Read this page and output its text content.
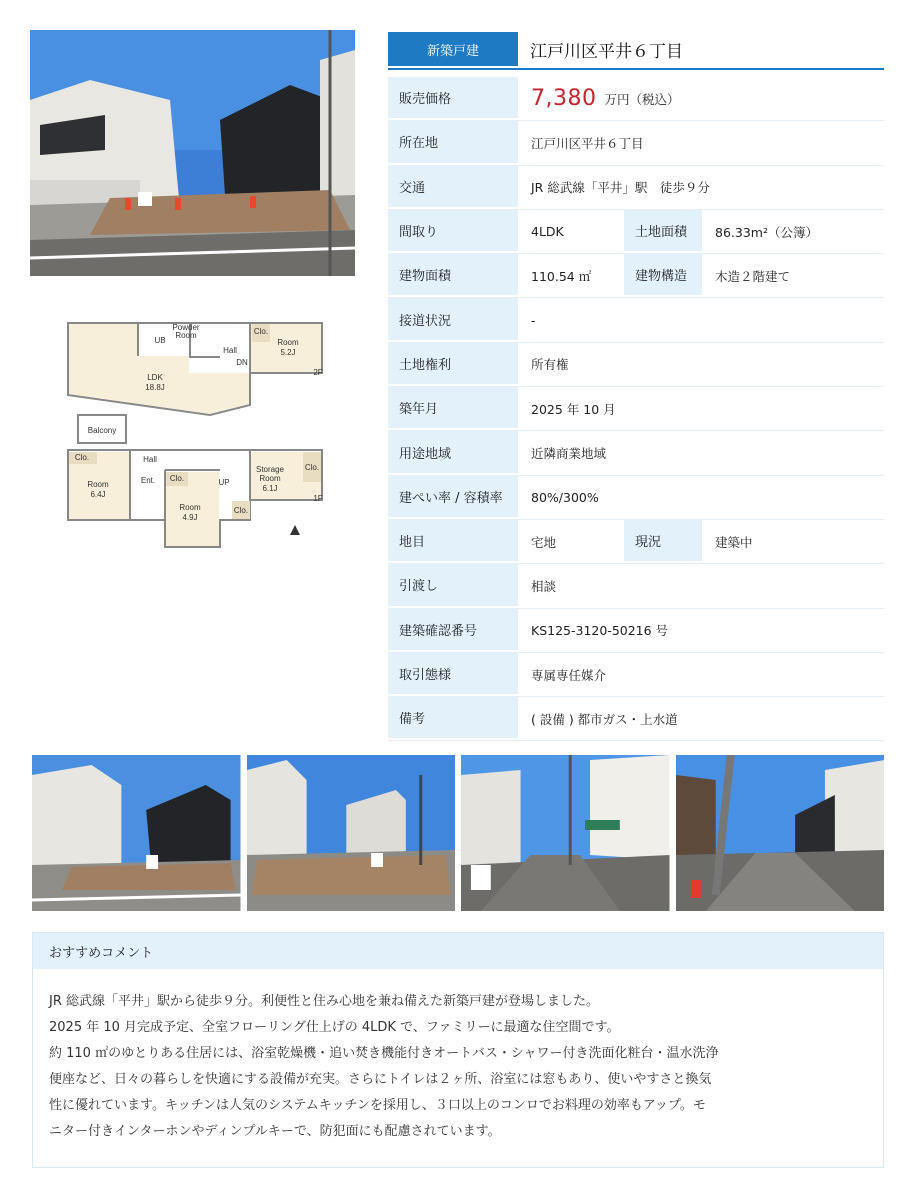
UB
Powder
Room	Clo.
Room
5.2J
Hall
DN
LDK
18.8J
2F
Balcony
Clo.	Hall
Room
6.4J
Ent. Clo.	UP
Storage
Room
6.1J
Clo.
Room
4.9J
Clo.
1F
新築戸建	江戸川区平井６丁目
販売価格	7,380 万円（税込）
所在地	江戸川区平井６丁目
交通	JR 総武線「平井」駅　徒歩９分
間取り	4LDK	土地面積	86.33m²（公簿）
建物面積	110.54 ㎡	建物構造	木造２階建て
接道状況	-
土地権利	所有権
築年月	2025 年 10 月
用途地域	近隣商業地域
建ぺい率 / 容積率	80%/300%
地目	宅地	現況	建築中
引渡し	相談
建築確認番号	KS125-3120-50216 号
取引態様	専属専任媒介
備考	( 設備 ) 都市ガス・上水道
おすすめコメント

JR 総武線「平井」駅から徒歩９分。利便性と住み心地を兼ね備えた新築戸建が登場しました。

2025 年 10 月完成予定、全室フローリング仕上げの 4LDK で、ファミリーに最適な住空間です。

約 110 ㎡のゆとりある住居には、浴室乾燥機・追い焚き機能付きオートバス・シャワー付き洗面化粧台・温水洗浄

便座など、日々の暮らしを快適にする設備が充実。さらにトイレは２ヶ所、浴室には窓もあり、使いやすさと換気

性に優れています。キッチンは人気のシステムキッチンを採用し、３口以上のコンロでお料理の効率もアップ。モ

ニター付きインターホンやディンプルキーで、防犯面にも配慮されています。
